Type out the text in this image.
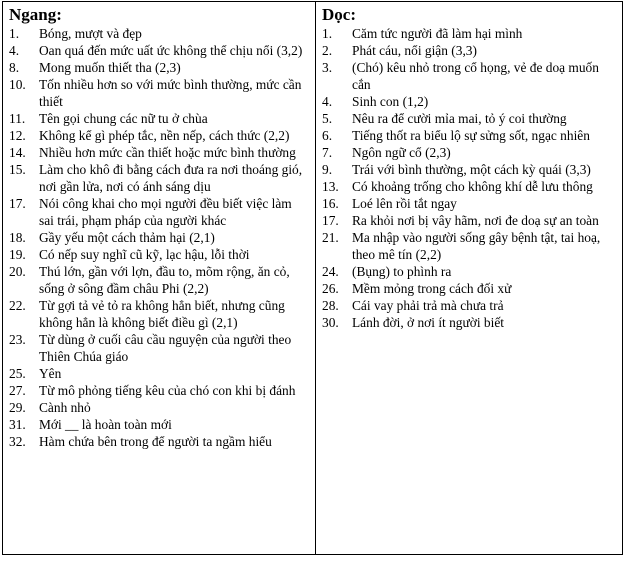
Ngang:
1.	Bóng, mượt và đẹp
4.	Oan quá đến mức uất ức không thể chịu nổi (3,2)
8.	Mong muốn thiết tha (2,3)
10. Tốn nhiều hơn so với mức bình thường, mức cần thiết
11.	Tên gọi chung các nữ tu ở chùa
12. Không kể gì phép tắc, nền nếp, cách thức (2,2)
14. Nhiều hơn mức cần thiết hoặc mức bình thường
15. Làm cho khô đi bằng cách đưa ra nơi thoáng gió, nơi gần lửa, nơi có ánh sáng dịu
17. Nói công khai cho mọi người đều biết việc làm sai trái, phạm pháp của người khác
18. Gầy yếu một cách thảm hại (2,1)
19. Có nếp suy nghĩ cũ kỹ, lạc hậu, lỗi thời
20. Thú lớn, gần với lợn, đầu to, mõm rộng, ăn cỏ, sống ở sông đầm châu Phi (2,2)
22. Từ gợi tả vẻ tỏ ra không hẳn biết, nhưng cũng không hẳn là không biết điều gì (2,1)
23. Từ dùng ở cuối câu cầu nguyện của người theo Thiên Chúa giáo
25. Yên
27. Từ mô phỏng tiếng kêu của chó con khi bị đánh
29. Cành nhỏ
31. Mới __ là hoàn toàn mới
32. Hàm chứa bên trong để người ta ngầm hiểu
Dọc:
1.	Căm tức người đã làm hại mình
2.	Phát cáu, nổi giận (3,3)
3.	(Chó) kêu nhỏ trong cổ họng, vẻ đe doạ muốn cắn
4.	Sinh con (1,2)
5.	Nêu ra để cười mỉa mai, tỏ ý coi thường
6.	Tiếng thốt ra biểu lộ sự sửng sốt, ngạc nhiên
7.	Ngôn ngữ cổ (2,3)
9.	Trái với bình thường, một cách kỳ quái (3,3)
13. Có khoảng trống cho không khí dễ lưu thông
16. Loé lên rồi tắt ngay
17. Ra khỏi nơi bị vây hãm, nơi đe doạ sự an toàn
21. Ma nhập vào người sống gây bệnh tật, tai hoạ, theo mê tín (2,2)
24. (Bụng) to phình ra
26. Mềm mỏng trong cách đối xử
28. Cái vay phải trả mà chưa trả
30. Lánh đời, ở nơi ít người biết
